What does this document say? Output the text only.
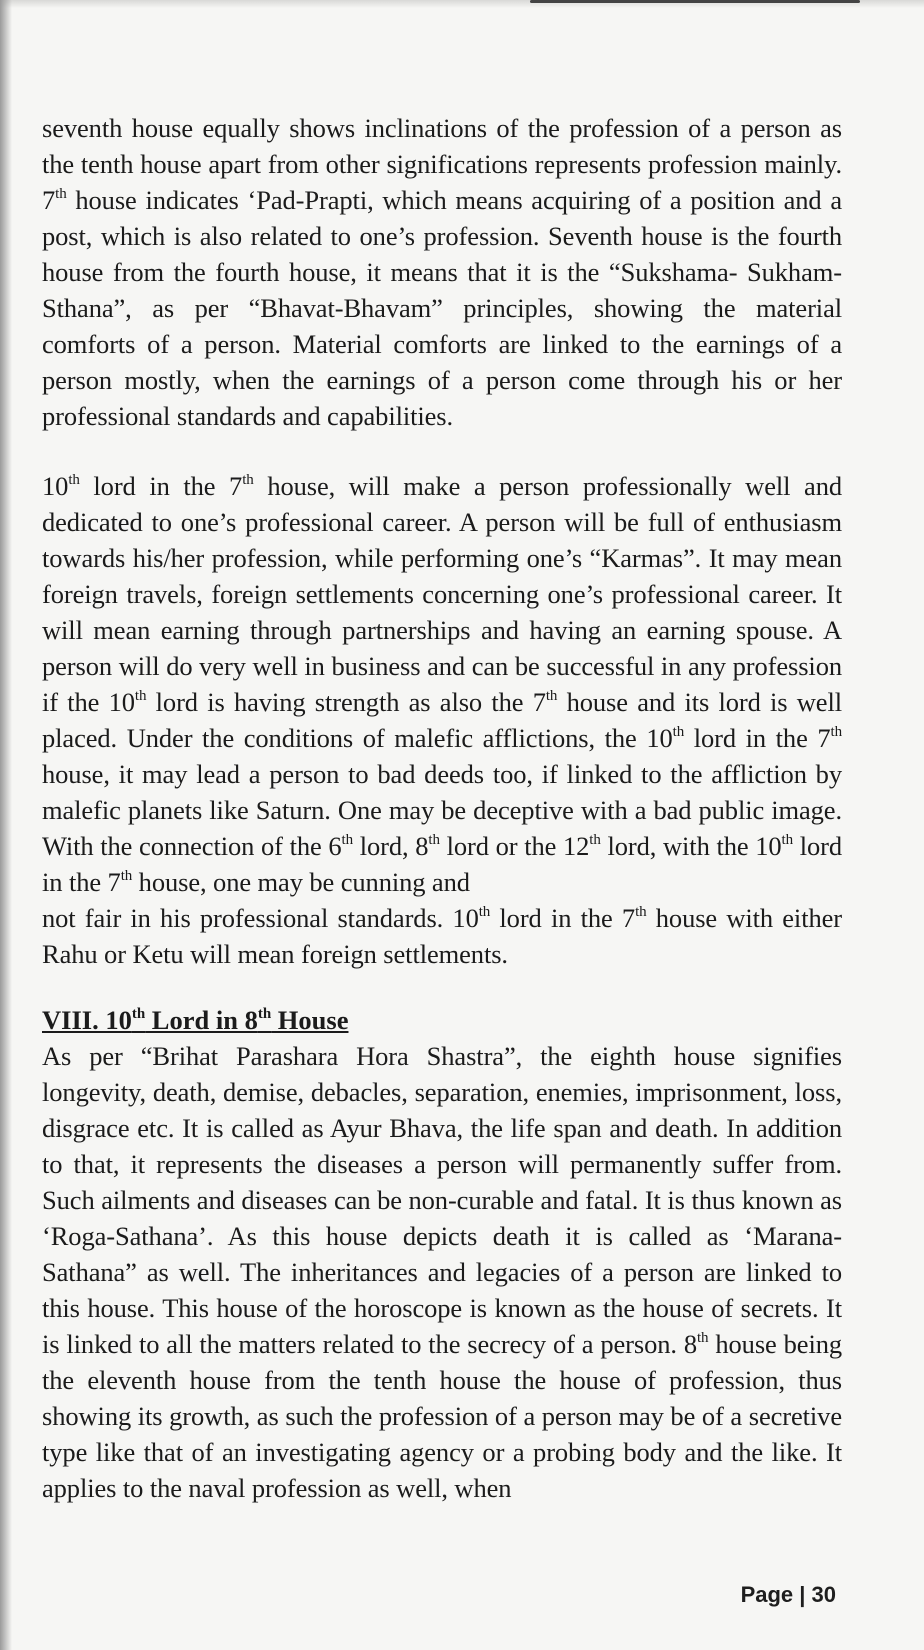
seventh house equally shows inclinations of the profession of a person as the tenth house apart from other significations represents profession mainly. 7th house indicates ‘Pad-Prapti, which means acquiring of a position and a post, which is also related to one’s profession. Seventh house is the fourth house from the fourth house, it means that it is the “Sukshama- Sukham- Sthana”, as per “Bhavat-Bhavam” principles, showing the material comforts of a person. Material comforts are linked to the earnings of a person mostly, when the earnings of a person come through his or her professional standards and capabilities.
10th lord in the 7th house, will make a person professionally well and dedicated to one’s professional career. A person will be full of enthusiasm towards his/her profession, while performing one’s “Karmas”. It may mean foreign travels, foreign settlements concerning one’s professional career. It will mean earning through partnerships and having an earning spouse. A person will do very well in business and can be successful in any profession if the 10th lord is having strength as also the 7th house and its lord is well placed. Under the conditions of malefic afflictions, the 10th lord in the 7th house, it may lead a person to bad deeds too, if linked to the affliction by malefic planets like Saturn. One may be deceptive with a bad public image. With the connection of the 6th lord, 8th lord or the 12th lord, with the 10th lord in the 7th house, one may be cunning and
not fair in his professional standards. 10th lord in the 7th house with either Rahu or Ketu will mean foreign settlements.
VIII. 10th Lord in 8th House
As per “Brihat Parashara Hora Shastra”, the eighth house signifies longevity, death, demise, debacles, separation, enemies, imprisonment, loss, disgrace etc. It is called as Ayur Bhava, the life span and death. In addition to that, it represents the diseases a person will permanently suffer from. Such ailments and diseases can be non-curable and fatal. It is thus known as ‘Roga-Sathana’. As this house depicts death it is called as ‘Marana-Sathana” as well. The inheritances and legacies of a person are linked to this house. This house of the horoscope is known as the house of secrets. It is linked to all the matters related to the secrecy of a person. 8th house being the eleventh house from the tenth house the house of profession, thus showing its growth, as such the profession of a person may be of a secretive type like that of an investigating agency or a probing body and the like. It applies to the naval profession as well, when
Page | 30
